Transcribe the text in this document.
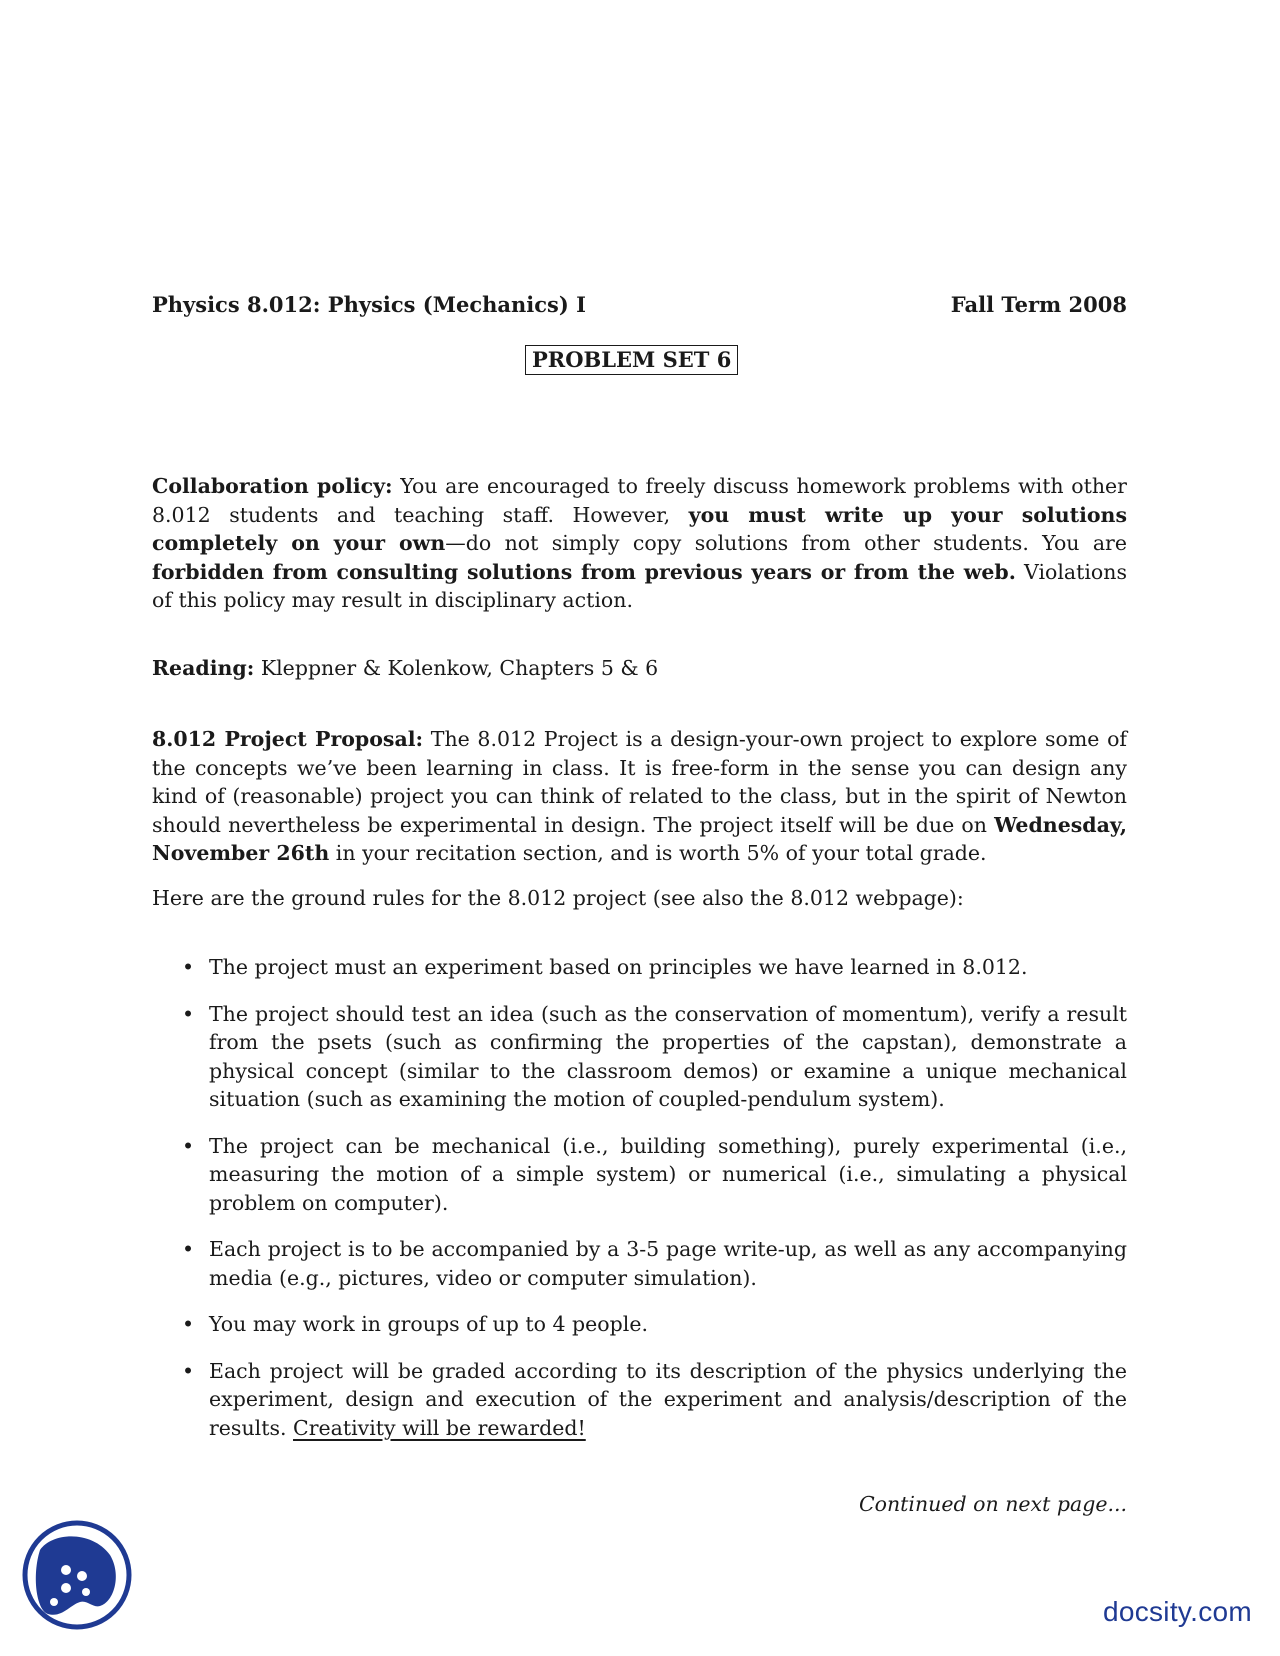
Physics 8.012: Physics (Mechanics) I	Fall Term 2008
PROBLEM SET 6

Collaboration policy: You are encouraged to freely discuss homework problems with other 8.012 students and teaching staff. However, you must write up your solutions completely on your own—do not simply copy solutions from other students. You are forbidden from consulting solutions from previous years or from the web. Violations of this policy may result in disciplinary action.

Reading: Kleppner & Kolenkow, Chapters 5 & 6

8.012 Project Proposal: The 8.012 Project is a design-your-own project to explore some of the concepts we’ve been learning in class. It is free-form in the sense you can design any kind of (reasonable) project you can think of related to the class, but in the spirit of Newton should nevertheless be experimental in design. The project itself will be due on Wednesday, November 26th in your recitation section, and is worth 5% of your total grade.

Here are the ground rules for the 8.012 project (see also the 8.012 webpage):

• The project must an experiment based on principles we have learned in 8.012.
• The project should test an idea (such as the conservation of momentum), verify a result from the psets (such as confirming the properties of the capstan), demonstrate a physical concept (similar to the classroom demos) or examine a unique mechanical situation (such as examining the motion of coupled-pendulum system).
• The project can be mechanical (i.e., building something), purely experimental (i.e., measuring the motion of a simple system) or numerical (i.e., simulating a physical problem on computer).
• Each project is to be accompanied by a 3-5 page write-up, as well as any accompanying media (e.g., pictures, video or computer simulation).
• You may work in groups of up to 4 people.
• Each project will be graded according to its description of the physics underlying the experiment, design and execution of the experiment and analysis/description of the results. Creativity will be rewarded!
Continued on next page...
docsity.com
